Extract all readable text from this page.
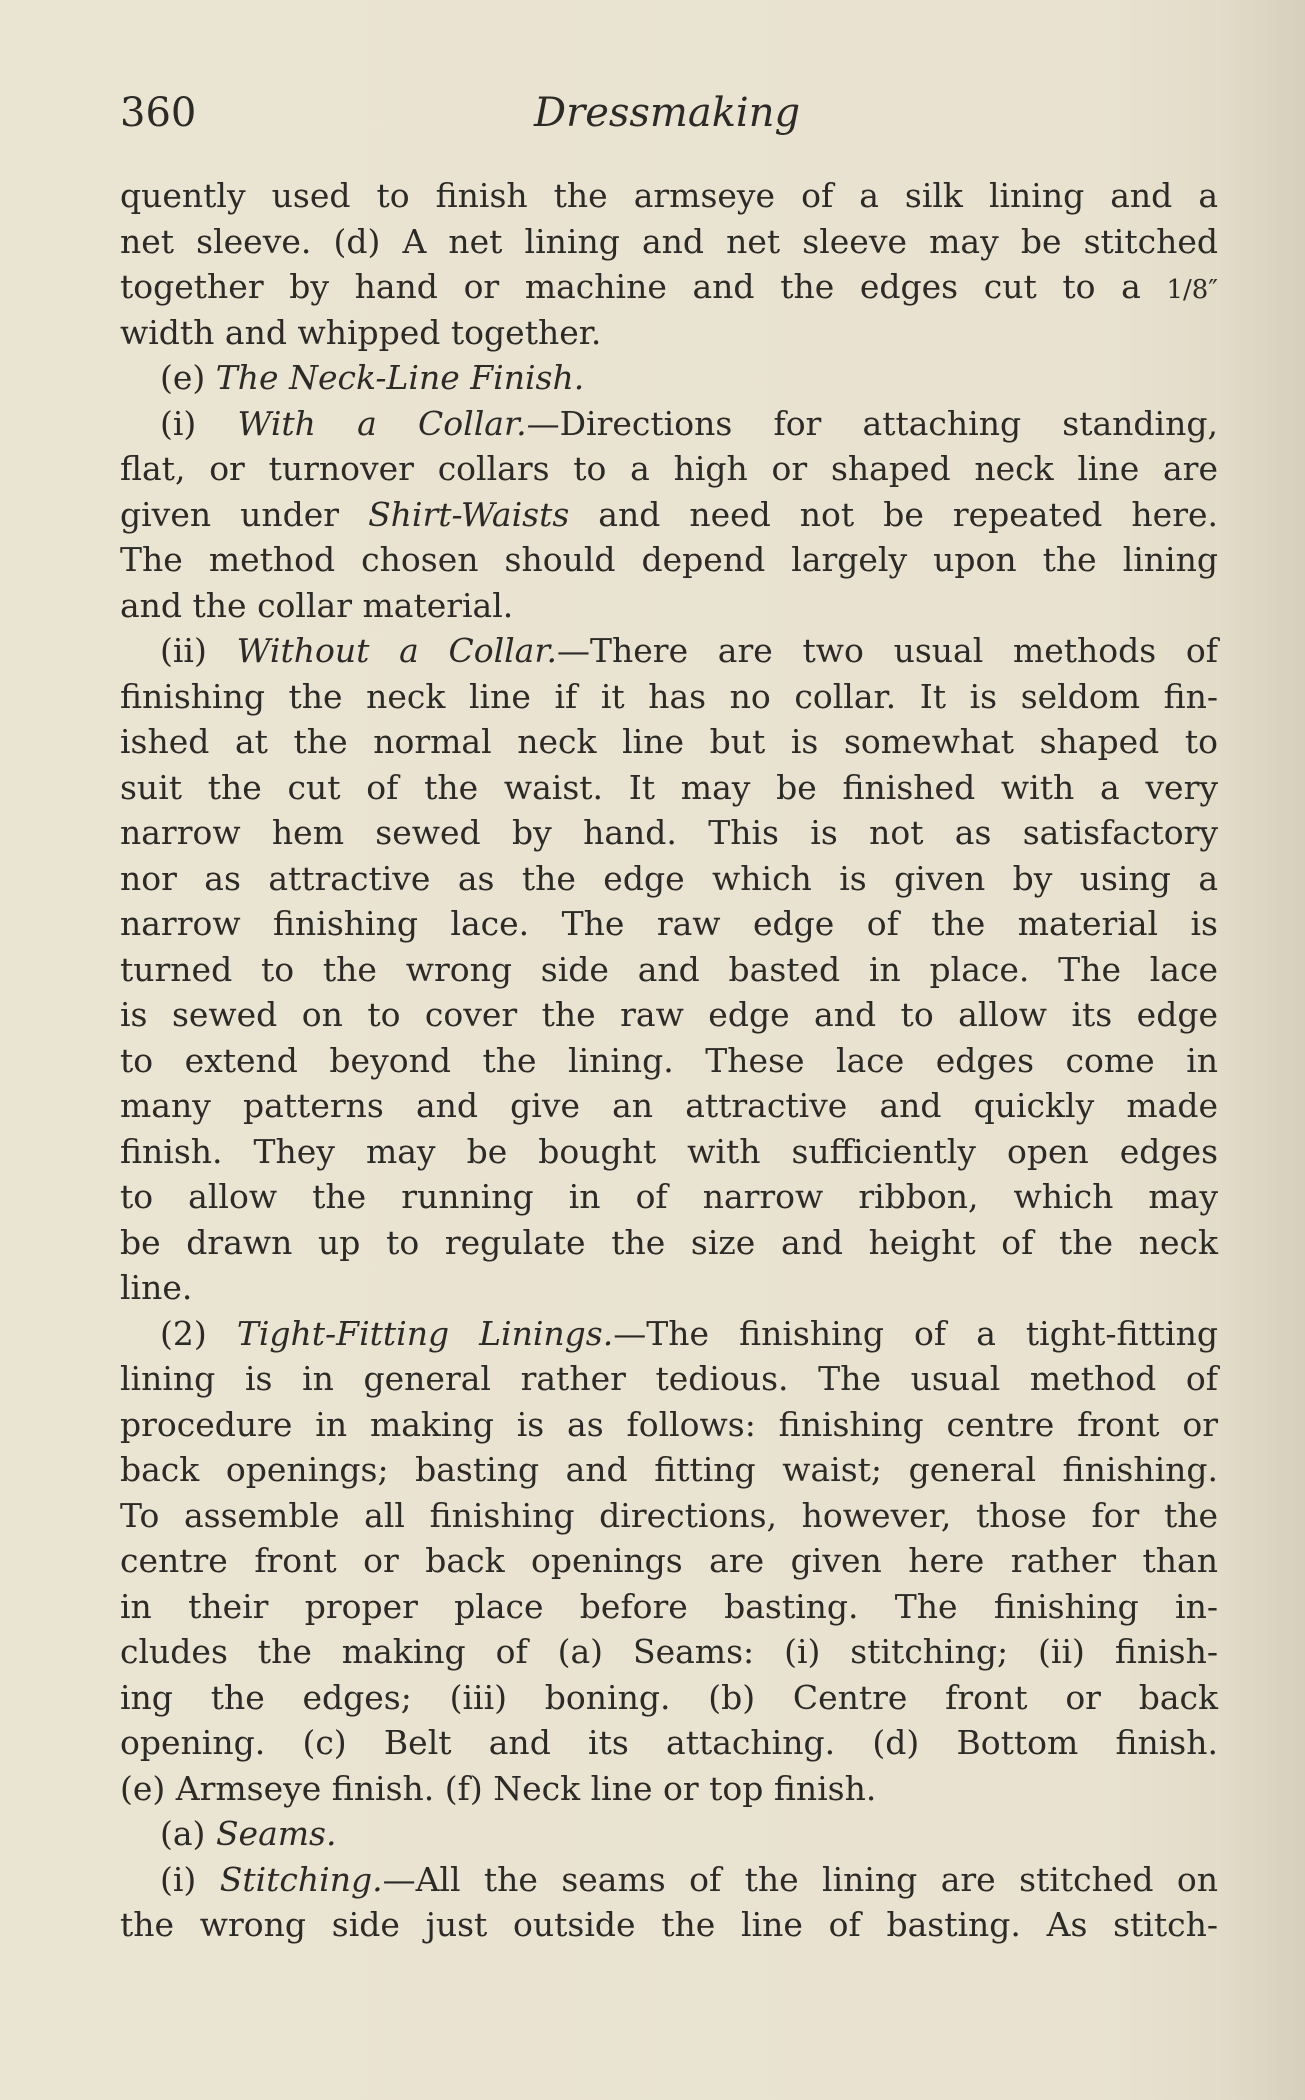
360	Dressmaking
quently used to finish the armseye of a silk lining and a
net sleeve. (d) A net lining and net sleeve may be stitched
together by hand or machine and the edges cut to a 1/8″
width and whipped together.
(e) The Neck-Line Finish.
(i) With a Collar.—Directions for attaching standing,
flat, or turnover collars to a high or shaped neck line are
given under Shirt-Waists and need not be repeated here.
The method chosen should depend largely upon the lining
and the collar material.
(ii) Without a Collar.—There are two usual methods of
finishing the neck line if it has no collar. It is seldom fin-
ished at the normal neck line but is somewhat shaped to
suit the cut of the waist. It may be finished with a very
narrow hem sewed by hand. This is not as satisfactory
nor as attractive as the edge which is given by using a
narrow finishing lace. The raw edge of the material is
turned to the wrong side and basted in place. The lace
is sewed on to cover the raw edge and to allow its edge
to extend beyond the lining. These lace edges come in
many patterns and give an attractive and quickly made
finish. They may be bought with sufficiently open edges
to allow the running in of narrow ribbon, which may
be drawn up to regulate the size and height of the neck
line.
(2) Tight-Fitting Linings.—The finishing of a tight-fitting
lining is in general rather tedious. The usual method of
procedure in making is as follows: finishing centre front or
back openings; basting and fitting waist; general finishing.
To assemble all finishing directions, however, those for the
centre front or back openings are given here rather than
in their proper place before basting. The finishing in-
cludes the making of (a) Seams: (i) stitching; (ii) finish-
ing the edges; (iii) boning. (b) Centre front or back
opening. (c) Belt and its attaching. (d) Bottom finish.
(e) Armseye finish. (f) Neck line or top finish.
(a) Seams.
(i) Stitching.—All the seams of the lining are stitched on
the wrong side just outside the line of basting. As stitch-
